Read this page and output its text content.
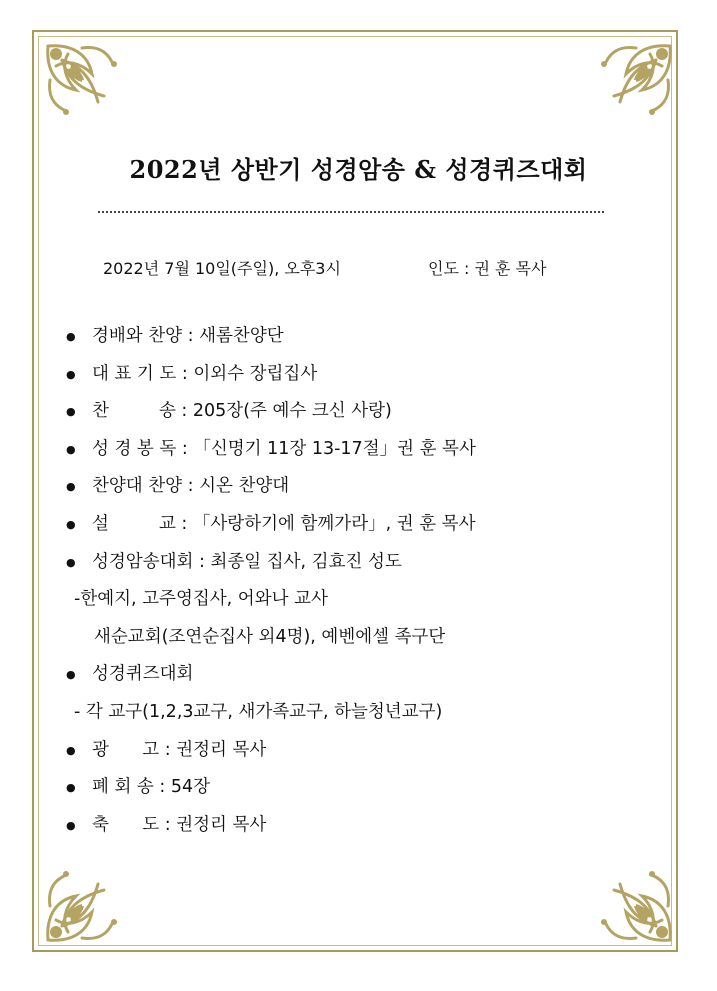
2022년 상반기 성경암송 & 성경퀴즈대회
2022년 7월 10일(주일), 오후3시	인도 : 권 훈 목사
● 경배와 찬양 : 새롬찬양단
● 대 표 기 도 : 이외수 장립집사
● 찬         송 : 205장(주 예수 크신 사랑)
● 성 경 봉 독 : 「신명기 11장 13-17절」권 훈 목사
● 찬양대 찬양 : 시온 찬양대
● 설         교 : 「사랑하기에 함께가라」, 권 훈 목사
● 성경암송대회 : 최종일 집사, 김효진 성도
-한예지, 고주영집사, 어와나 교사
새순교회(조연순집사 외4명), 예벤에셀 족구단
● 성경퀴즈대회
- 각 교구(1,2,3교구, 새가족교구, 하늘청년교구)
● 광      고 : 권정리 목사
● 폐 회 송 : 54장
● 축      도 : 권정리 목사
